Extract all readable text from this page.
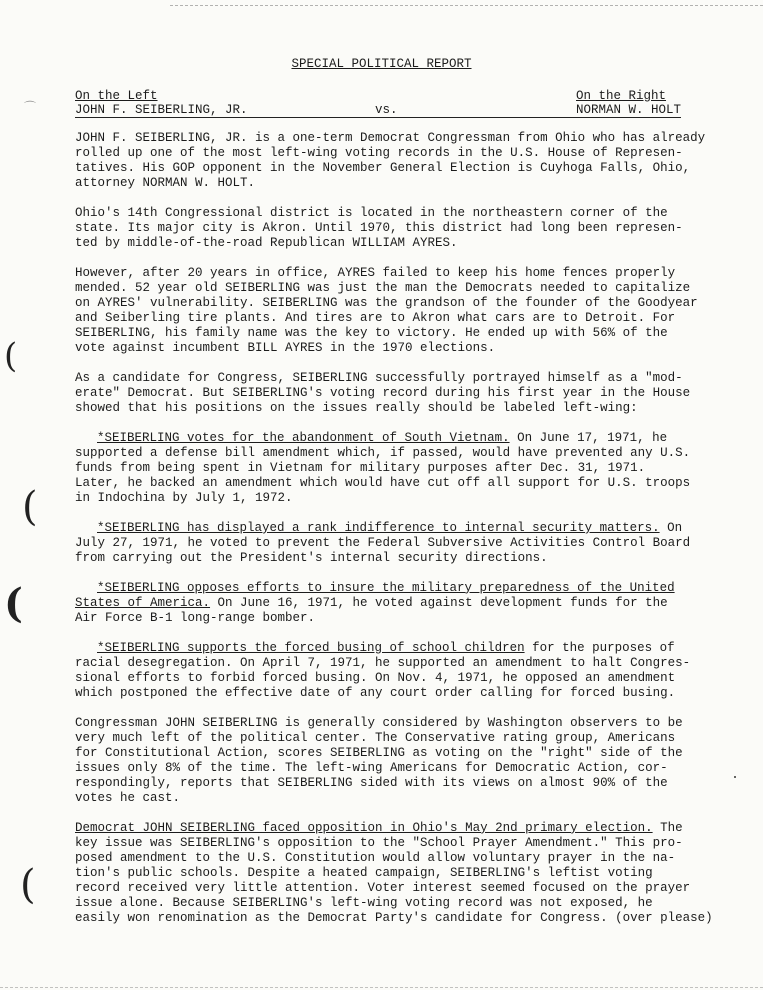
⌒
(
(
(
(
SPECIAL POLITICAL REPORT
On the Left
JOHN F. SEIBERLING, JR.	vs.
On the Right
NORMAN W. HOLT

JOHN F. SEIBERLING, JR. is a one-term Democrat Congressman from Ohio who has already
rolled up one of the most left-wing voting records in the U.S. House of Represen-
tatives. His GOP opponent in the November General Election is Cuyhoga Falls, Ohio,
attorney NORMAN W. HOLT.

Ohio's 14th Congressional district is located in the northeastern corner of the
state. Its major city is Akron. Until 1970, this district had long been represen-
ted by middle-of-the-road Republican WILLIAM AYRES.

However, after 20 years in office, AYRES failed to keep his home fences properly
mended. 52 year old SEIBERLING was just the man the Democrats needed to capitalize
on AYRES' vulnerability. SEIBERLING was the grandson of the founder of the Goodyear
and Seiberling tire plants. And tires are to Akron what cars are to Detroit. For
SEIBERLING, his family name was the key to victory. He ended up with 56% of the
vote against incumbent BILL AYRES in the 1970 elections.

As a candidate for Congress, SEIBERLING successfully portrayed himself as a "mod-
erate" Democrat. But SEIBERLING's voting record during his first year in the House
showed that his positions on the issues really should be labeled left-wing:

*SEIBERLING votes for the abandonment of South Vietnam. On June 17, 1971, he
supported a defense bill amendment which, if passed, would have prevented any U.S.
funds from being spent in Vietnam for military purposes after Dec. 31, 1971.
Later, he backed an amendment which would have cut off all support for U.S. troops
in Indochina by July 1, 1972.

*SEIBERLING has displayed a rank indifference to internal security matters. On
July 27, 1971, he voted to prevent the Federal Subversive Activities Control Board
from carrying out the President's internal security directions.

*SEIBERLING opposes efforts to insure the military preparedness of the United
States of America. On June 16, 1971, he voted against development funds for the
Air Force B-1 long-range bomber.

*SEIBERLING supports the forced busing of school children for the purposes of
racial desegregation. On April 7, 1971, he supported an amendment to halt Congres-
sional efforts to forbid forced busing. On Nov. 4, 1971, he opposed an amendment
which postponed the effective date of any court order calling for forced busing.

Congressman JOHN SEIBERLING is generally considered by Washington observers to be
very much left of the political center. The Conservative rating group, Americans
for Constitutional Action, scores SEIBERLING as voting on the "right" side of the
issues only 8% of the time. The left-wing Americans for Democratic Action, cor-
respondingly, reports that SEIBERLING sided with its views on almost 90% of the
votes he cast.

Democrat JOHN SEIBERLING faced opposition in Ohio's May 2nd primary election. The
key issue was SEIBERLING's opposition to the "School Prayer Amendment." This pro-
posed amendment to the U.S. Constitution would allow voluntary prayer in the na-
tion's public schools. Despite a heated campaign, SEIBERLING's leftist voting
record received very little attention. Voter interest seemed focused on the prayer
issue alone. Because SEIBERLING's left-wing voting record was not exposed, he
easily won renomination as the Democrat Party's candidate for Congress. (over please)
